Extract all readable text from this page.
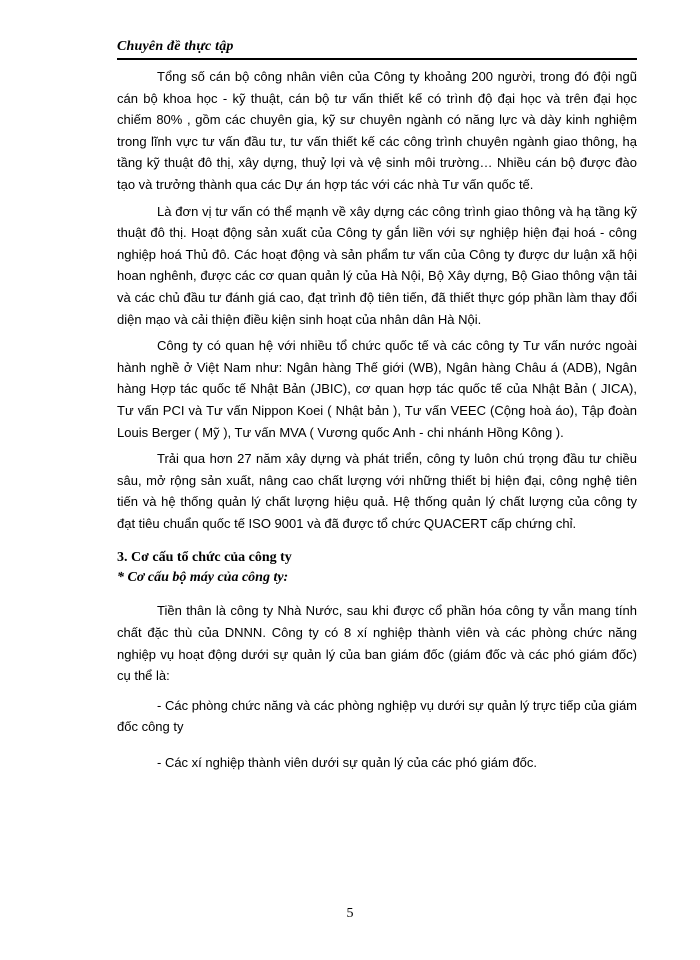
Chuyên đề thực tập

Tổng số cán bộ công nhân viên của Công ty khoảng 200 người, trong đó đội ngũ cán bộ khoa học - kỹ thuật, cán bộ tư vấn thiết kế có trình độ đại học và trên đại học chiếm 80% , gồm các chuyên gia, kỹ sư chuyên ngành có năng lực và dày kinh nghiệm trong lĩnh vực tư vấn đầu tư, tư vấn thiết kế các công trình chuyên ngành giao thông, hạ tầng kỹ thuật đô thị, xây dựng, thuỷ lợi và vệ sinh môi trường… Nhiều cán bộ được đào tạo và trưởng thành qua các Dự án hợp tác với các nhà Tư vấn quốc tế.

Là đơn vị tư vấn có thể mạnh về xây dựng các công trình giao thông và hạ tầng kỹ thuật đô thị. Hoạt động sản xuất của Công ty gắn liền với sự nghiệp hiện đại hoá - công nghiệp hoá Thủ đô. Các hoạt động và sản phẩm tư vấn của Công ty được dư luận xã hội hoan nghênh, được các cơ quan quản lý của Hà Nội, Bộ Xây dựng, Bộ Giao thông vận tải và các chủ đầu tư đánh giá cao, đạt trình độ tiên tiến, đã thiết thực góp phần làm thay đổi diện mạo và cải thiện điều kiện sinh hoạt của nhân dân Hà Nội.

Công ty có quan hệ với nhiều tổ chức quốc tế và các công ty Tư vấn nước ngoài hành nghề ở Việt Nam như: Ngân hàng Thế giới (WB), Ngân hàng Châu á (ADB), Ngân hàng Hợp tác quốc tế Nhật Bản (JBIC), cơ quan hợp tác quốc tế của Nhật Bản ( JICA), Tư vấn PCI và Tư vấn Nippon Koei ( Nhật bản ), Tư vấn VEEC (Cộng hoà áo), Tập đoàn Louis Berger ( Mỹ ), Tư vấn MVA ( Vương quốc Anh - chi nhánh Hồng Kông ).

Trải qua hơn 27 năm xây dựng và phát triển, công ty luôn chú trọng đầu tư chiều sâu, mở rộng sản xuất, nâng cao chất lượng với những thiết bị hiện đại, công nghệ tiên tiến và hệ thống quản lý chất lượng hiệu quả. Hệ thống quản lý chất lượng của công ty đạt tiêu chuẩn quốc tế ISO 9001 và đã được tổ chức QUACERT cấp chứng chỉ.

3. Cơ cấu tổ chức của công ty
* Cơ cấu bộ máy của công ty:

Tiền thân là công ty Nhà Nước, sau khi được cổ phần hóa công ty vẫn mang tính chất đặc thù của DNNN. Công ty có 8 xí nghiệp thành viên và các phòng chức năng nghiệp vụ hoạt động dưới sự quản lý của ban giám đốc (giám đốc và các phó giám đốc) cụ thể là:

- Các phòng chức năng và các phòng nghiệp vụ dưới sự quản lý trực tiếp của giám đốc công ty

- Các xí nghiệp thành viên dưới sự quản lý của các phó giám đốc.

5
